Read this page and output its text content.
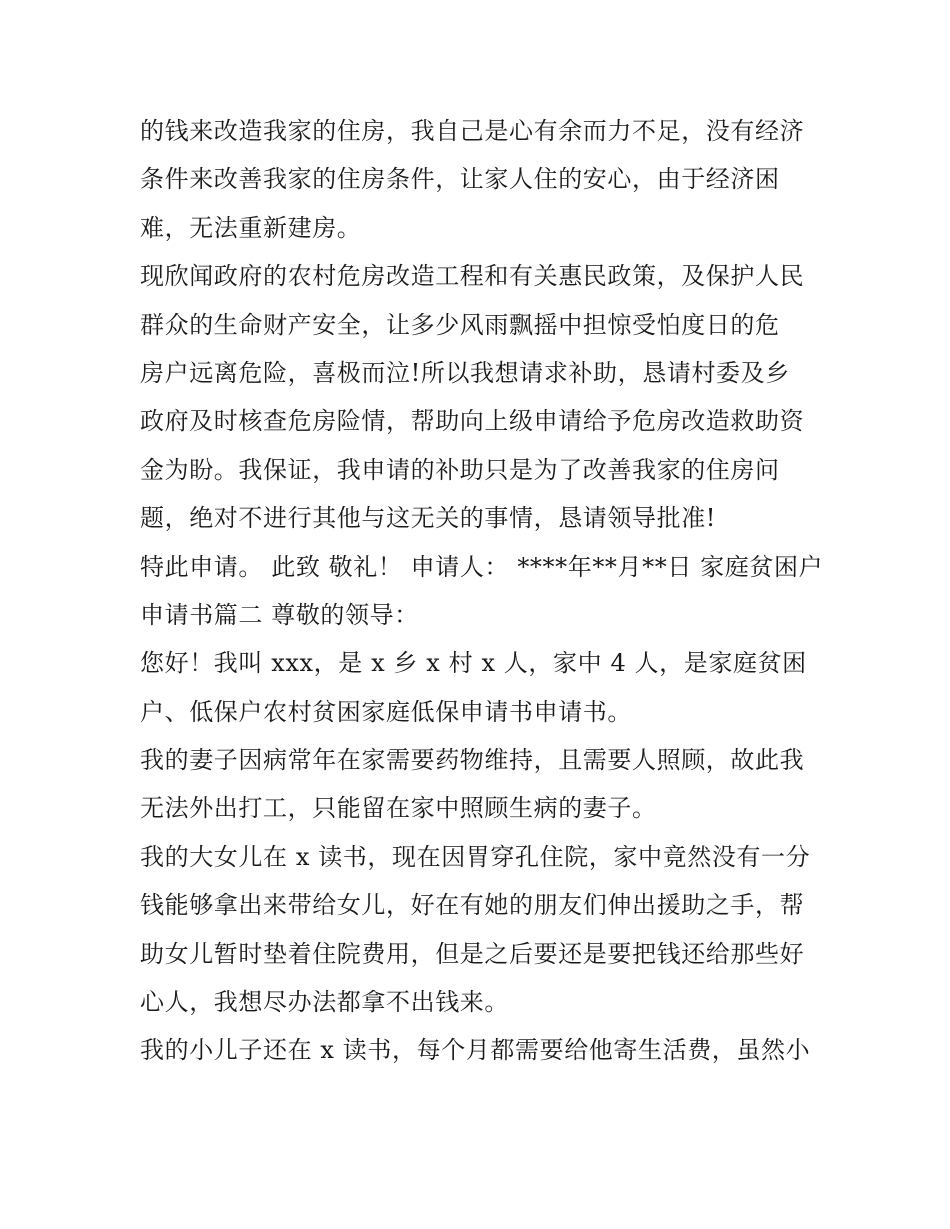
的钱来改造我家的住房，我自己是心有余而力不足，没有经济
条件来改善我家的住房条件，让家人住的安心，由于经济困
难，无法重新建房。
现欣闻政府的农村危房改造工程和有关惠民政策，及保护人民
群众的生命财产安全，让多少风雨飘摇中担惊受怕度日的危
房户远离危险，喜极而泣!所以我想请求补助，恳请村委及乡
政府及时核查危房险情，帮助向上级申请给予危房改造救助资
金为盼。我保证，我申请的补助只是为了改善我家的住房问
题，绝对不进行其他与这无关的事情，恳请领导批准!
特此申请。 此致 敬礼！ 申请人： ****年**月**日 家庭贫困户
申请书篇二 尊敬的领导：
您好！我叫 xxx，是 x 乡 x 村 x 人，家中 4 人，是家庭贫困
户、低保户农村贫困家庭低保申请书申请书。
我的妻子因病常年在家需要药物维持，且需要人照顾，故此我
无法外出打工，只能留在家中照顾生病的妻子。
我的大女儿在 x 读书，现在因胃穿孔住院，家中竟然没有一分
钱能够拿出来带给女儿，好在有她的朋友们伸出援助之手，帮
助女儿暂时垫着住院费用，但是之后要还是要把钱还给那些好
心人，我想尽办法都拿不出钱来。
我的小儿子还在 x 读书，每个月都需要给他寄生活费，虽然小
